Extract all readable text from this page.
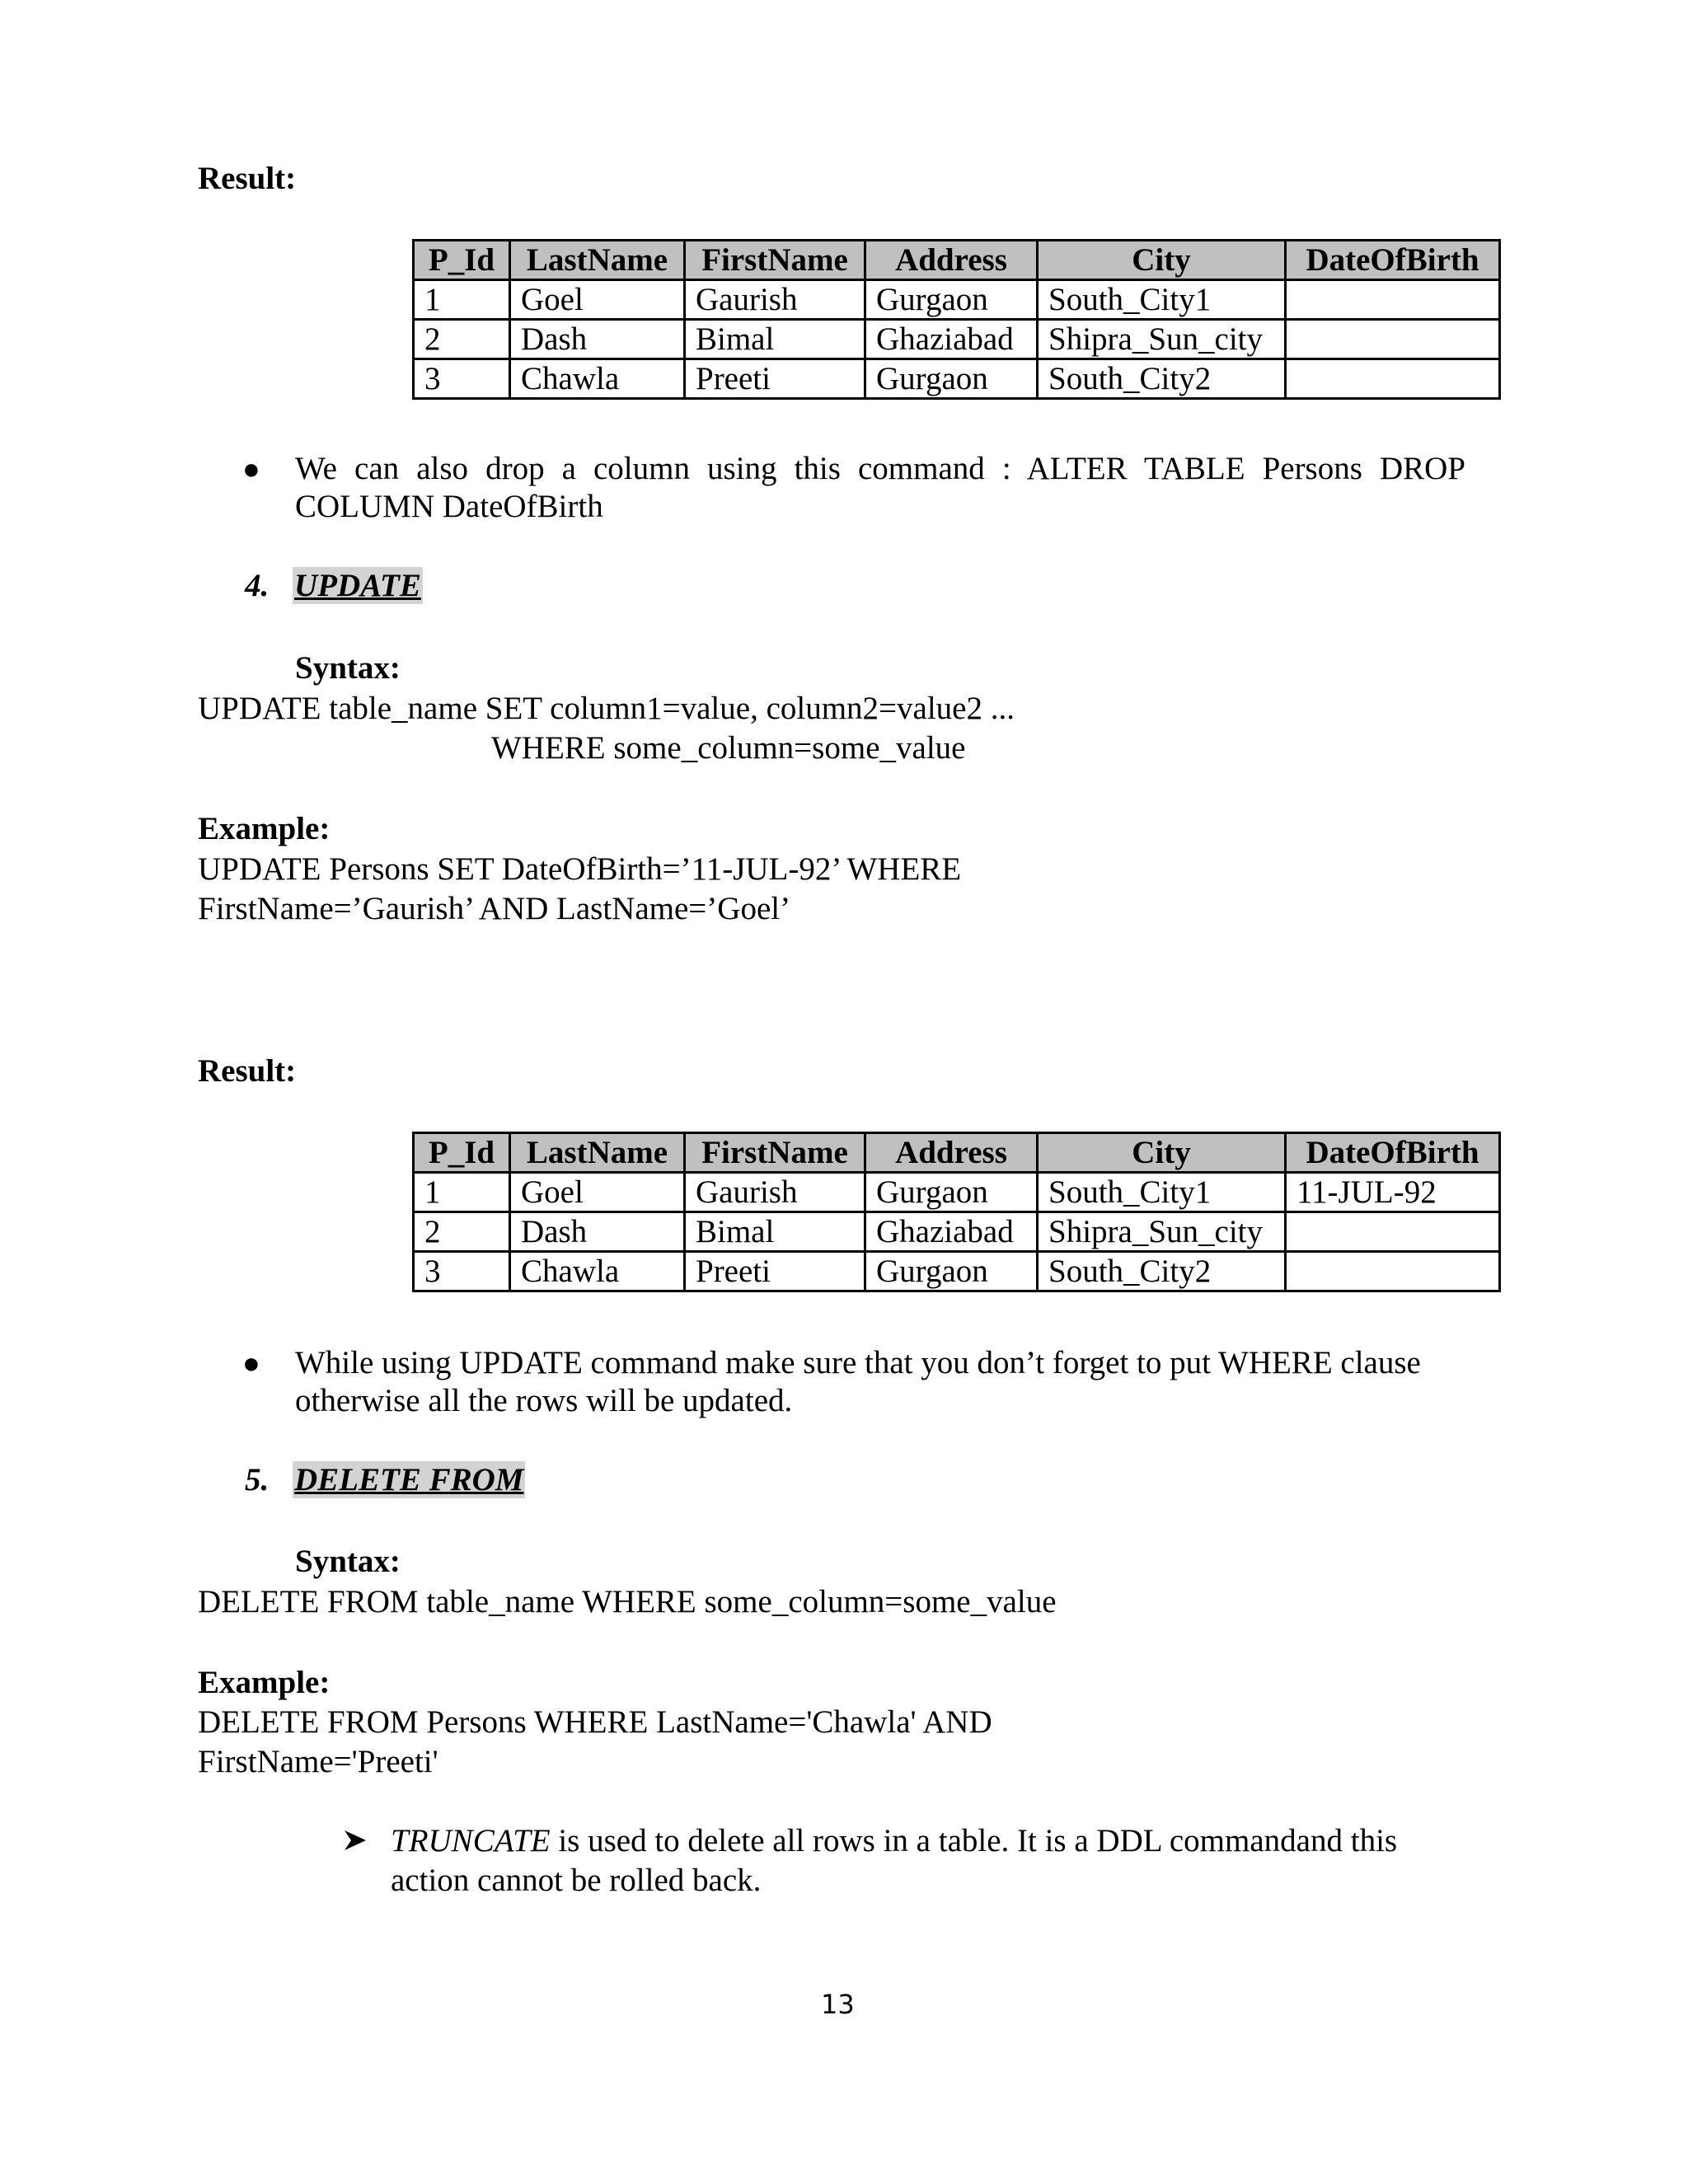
Result:
P_Id	LastName	FirstName	Address	City	DateOfBirth
1	Goel	Gaurish	Gurgaon	South_City1	
2	Dash	Bimal	Ghaziabad	Shipra_Sun_city	
3	Chawla	Preeti	Gurgaon	South_City2	
● We can also drop a column using this command : ALTER TABLE Persons DROP
COLUMN DateOfBirth
4. UPDATE
Syntax:
UPDATE table_name SET column1=value, column2=value2 ...
WHERE some_column=some_value
Example:
UPDATE Persons SET DateOfBirth=’11-JUL-92’ WHERE
FirstName=’Gaurish’ AND LastName=’Goel’
Result:
P_Id	LastName	FirstName	Address	City	DateOfBirth
1	Goel	Gaurish	Gurgaon	South_City1	11-JUL-92
2	Dash	Bimal	Ghaziabad	Shipra_Sun_city	
3	Chawla	Preeti	Gurgaon	South_City2	
● While using UPDATE command make sure that you don’t forget to put WHERE clause
otherwise all the rows will be updated.
5. DELETE FROM
Syntax:
DELETE FROM table_name WHERE some_column=some_value
Example:
DELETE FROM Persons WHERE LastName='Chawla' AND
FirstName='Preeti'
TRUNCATE is used to delete all rows in a table. It is a DDL commandand this
action cannot be rolled back.
13
